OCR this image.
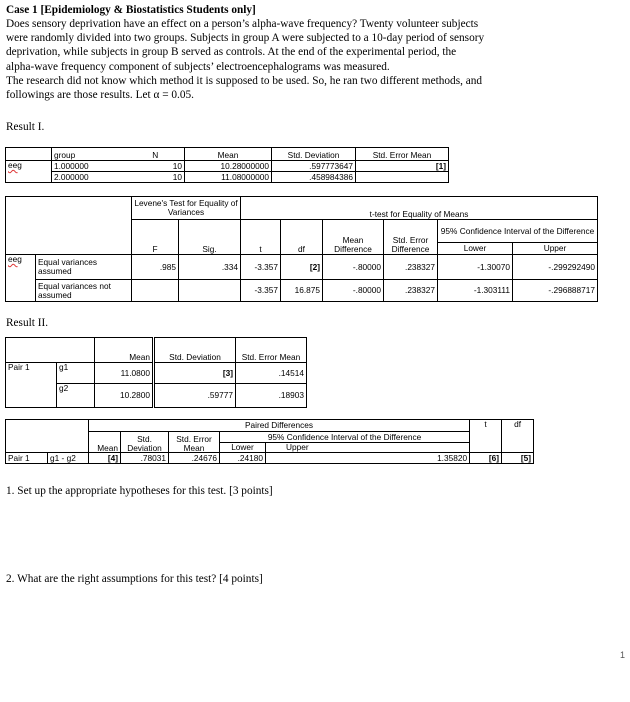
Case 1 [Epidemiology & Biostatistics Students only]
Does sensory deprivation have an effect on a person’s alpha-wave frequency? Twenty volunteer subjects
were randomly divided into two groups. Subjects in group A were subjected to a 10-day period of sensory
deprivation, while subjects in group B served as controls. At the end of the experimental period, the
alpha-wave frequency component of subjects’ electroencephalograms was measured.
The research did not know which method it is supposed to be used. So, he ran two different methods, and
followings are those results. Let α = 0.05.
Result I.
	group	N	Mean	Std. Deviation	Std. Error Mean
eeg	1.000000	10	10.28000000	.597773647	[1]
	2.000000	10	11.08000000	.458984386	
		Levene's Test for Equality of Variances		t-test for Equality of Means					
		F	Sig.	t	df	Mean Difference	Std. Error Difference	95% Confidence Interval of the Difference	
								Lower	Upper
eeg	Equal variances assumed	.985	.334	-3.357	[2]	-.80000	.238327	-1.30070	-.299292490
	Equal variances not assumed			-3.357	16.875	-.80000	.238327	-1.303111	-.296888717
Result II.
		Mean	Std. Deviation	Std. Error Mean
Pair 1	g1	11.0800	[3]	.14514
	g2	10.2800	.59777	.18903
		Paired Differences					t	df
		Mean	Std. Deviation	Std. Error Mean	95% Confidence Interval of the Difference			
					Lower	Upper		
Pair 1	g1 - g2	[4]	.78031	.24676	.24180	1.35820	[6]	[5]
1. Set up the appropriate hypotheses for this test. [3 points]
2. What are the right assumptions for this test? [4 points]
1
